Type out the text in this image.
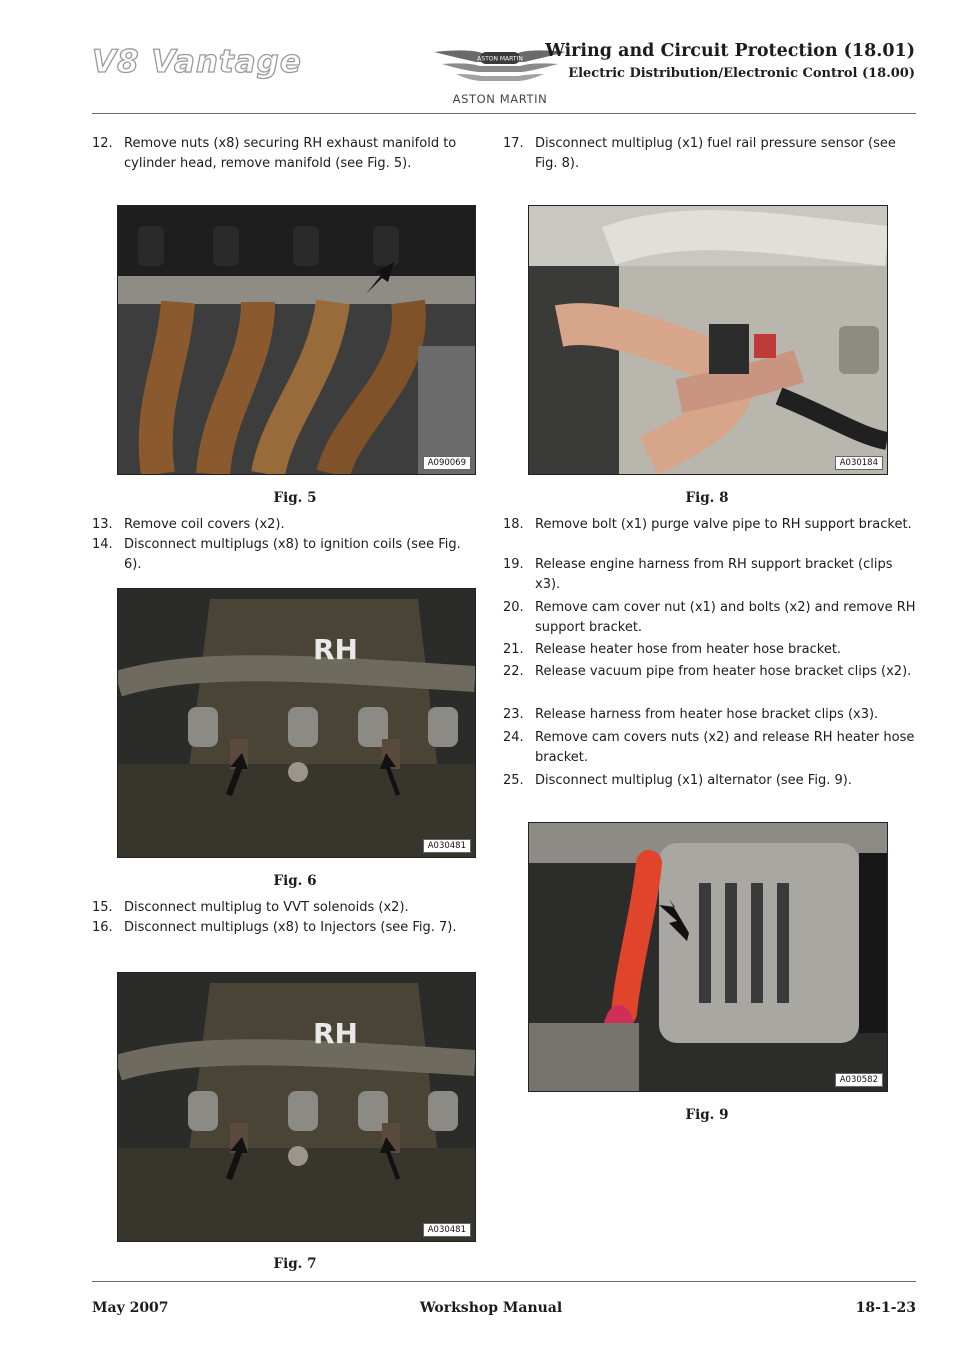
V8 Vantage	ASTON MARTIN
ASTON MARTIN
Wiring and Circuit Protection (18.01)
Electric Distribution/Electronic Control (18.00)
12. Remove nuts (x8) securing RH exhaust manifold to cylinder head, remove manifold (see Fig. 5).
A090069
Fig. 5
13. Remove coil covers (x2).
14. Disconnect multiplugs (x8) to ignition coils (see Fig. 6).
RH
A030481
Fig. 6
15. Disconnect multiplug to VVT solenoids (x2).
16. Disconnect multiplugs (x8) to Injectors (see Fig. 7).
RH
A030481
Fig. 7
17. Disconnect multiplug (x1) fuel rail pressure sensor (see Fig. 8).
A030184
Fig. 8
18. Remove bolt (x1) purge valve pipe to RH support bracket.
19. Release engine harness from RH support bracket (clips x3).
20. Remove cam cover nut (x1) and bolts (x2) and remove RH support bracket.
21. Release heater hose from heater hose bracket.
22. Release vacuum pipe from heater hose bracket clips (x2).
23. Release harness from heater hose bracket clips (x3).
24. Remove cam covers nuts (x2) and release RH heater hose bracket.
25. Disconnect multiplug (x1) alternator (see Fig. 9).
A030582
Fig. 9
May 2007	Workshop Manual	18-1-23
